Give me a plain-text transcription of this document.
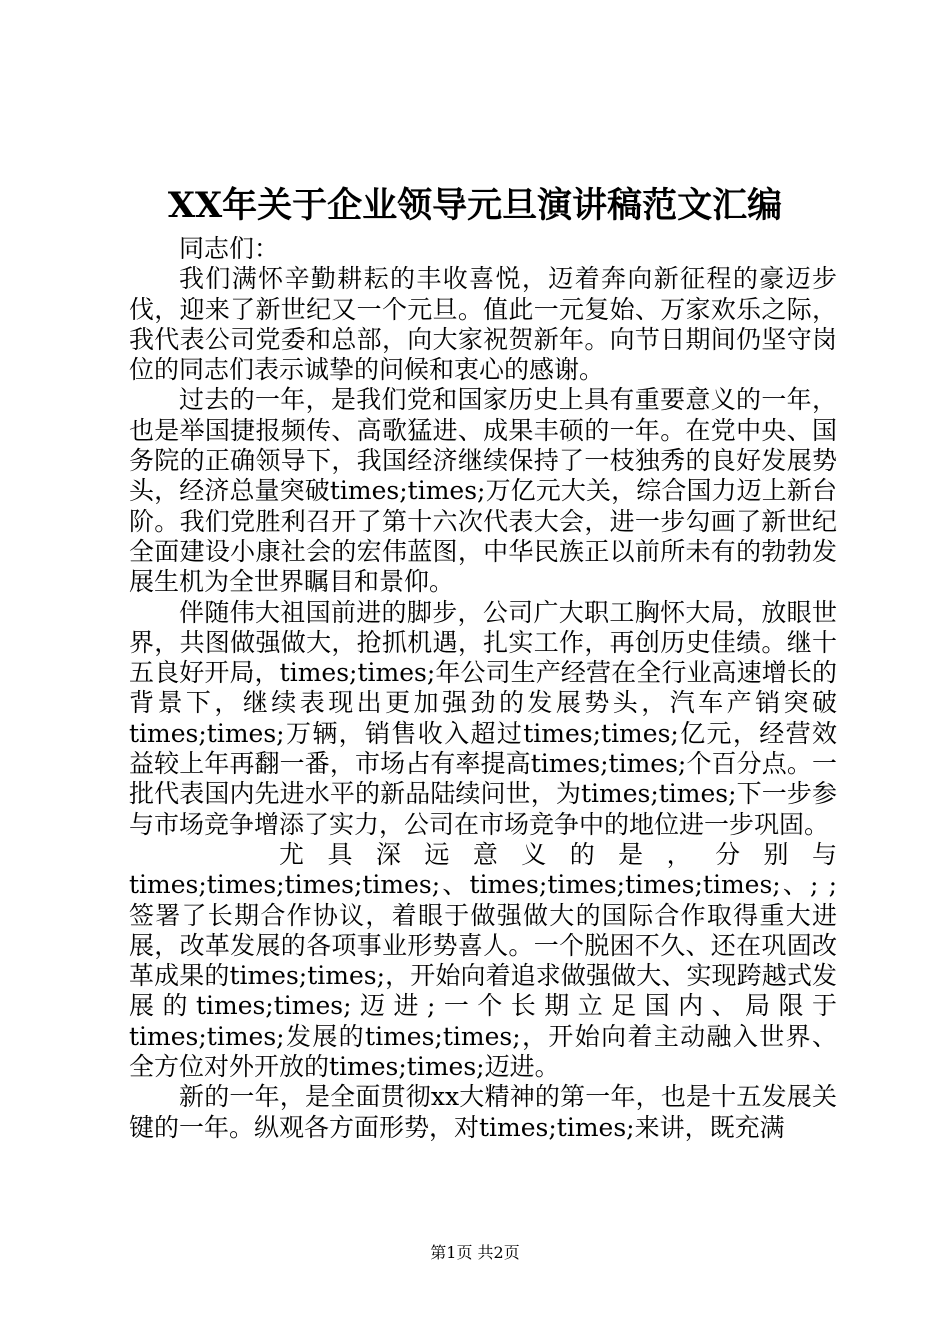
XX年关于企业领导元旦演讲稿范文汇编

同志们：

我们满怀辛勤耕耘的丰收喜悦，迈着奔向新征程的豪迈步伐，迎来了新世纪又一个元旦。值此一元复始、万家欢乐之际，我代表公司党委和总部，向大家祝贺新年。向节日期间仍坚守岗位的同志们表示诚挚的问候和衷心的感谢。

过去的一年，是我们党和国家历史上具有重要意义的一年，也是举国捷报频传、高歌猛进、成果丰硕的一年。在党中央、国务院的正确领导下，我国经济继续保持了一枝独秀的良好发展势头，经济总量突破times;times;万亿元大关，综合国力迈上新台阶。我们党胜利召开了第十六次代表大会，进一步勾画了新世纪全面建设小康社会的宏伟蓝图，中华民族正以前所未有的勃勃发展生机为全世界瞩目和景仰。

伴随伟大祖国前进的脚步，公司广大职工胸怀大局，放眼世界，共图做强做大，抢抓机遇，扎实工作，再创历史佳绩。继十五良好开局，times;times;年公司生产经营在全行业高速增长的背景下，继续表现出更加强劲的发展势头，汽车产销突破times;times;万辆，销售收入超过times;times;亿元，经营效益较上年再翻一番，市场占有率提高times;times;个百分点。一批代表国内先进水平的新品陆续问世，为times;times;下一步参与市场竞争增添了实力，公司在市场竞争中的地位进一步巩固。

尤具深远意义的是，分别与times;times;times;times;、times;times;times;times;、; ;签署了长期合作协议，着眼于做强做大的国际合作取得重大进展，改革发展的各项事业形势喜人。一个脱困不久、还在巩固改革成果的times;times;，开始向着追求做强做大、实现跨越式发展的times;times;迈进;一个长期立足国内、局限于times;times;发展的times;times;，开始向着主动融入世界、全方位对外开放的times;times;迈进。

新的一年，是全面贯彻xx大精神的第一年，也是十五发展关键的一年。纵观各方面形势，对times;times;来讲，既充满

第1页 共2页
